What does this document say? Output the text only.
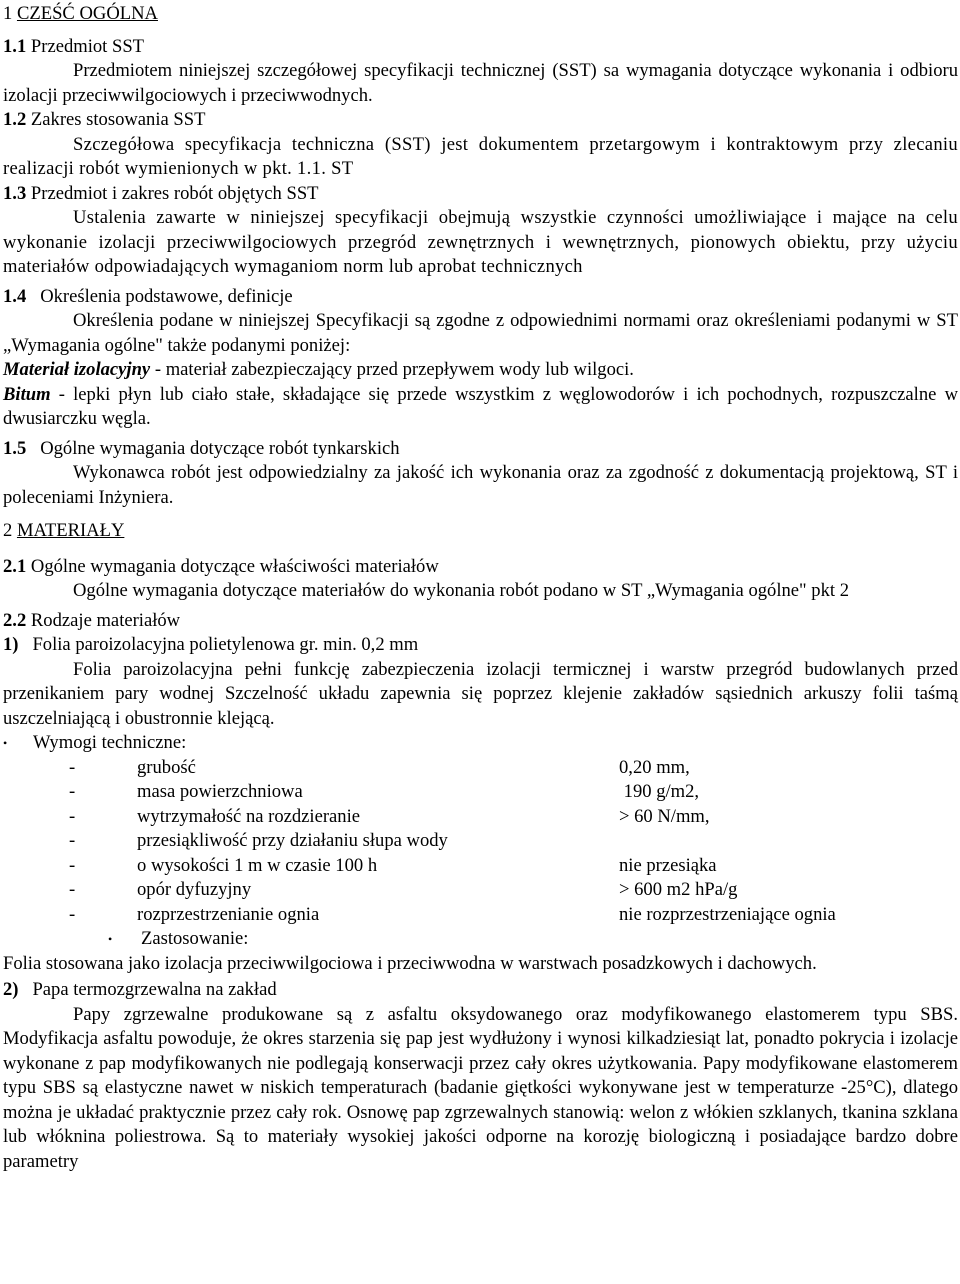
1 CZEŚĆ OGÓLNA
1.1 Przedmiot SST

Przedmiotem niniejszej szczegółowej specyfikacji technicznej (SST) sa wymagania dotyczące wykonania i odbioru izolacji przeciwwilgociowych i przeciwwodnych.

1.2 Zakres stosowania SST

Szczegółowa specyfikacja techniczna (SST) jest dokumentem przetargowym i kontraktowym przy zlecaniu realizacji robót wymienionych w pkt. 1.1. ST

1.3 Przedmiot i zakres robót objętych SST

Ustalenia zawarte w niniejszej specyfikacji obejmują wszystkie czynności umożliwiające i mające na celu wykonanie izolacji przeciwwilgociowych przegród zewnętrznych i wewnętrznych, pionowych obiektu, przy użyciu materiałów odpowiadających wymaganiom norm lub aprobat technicznych

1.4 Określenia podstawowe, definicje

Określenia podane w niniejszej Specyfikacji są zgodne z odpowiednimi normami oraz określeniami podanymi w ST „Wymagania ogólne" także podanymi poniżej:

Materiał izolacyjny - materiał zabezpieczający przed przepływem wody lub wilgoci.

Bitum - lepki płyn lub ciało stałe, składające się przede wszystkim z węglowodorów i ich pochodnych, rozpuszczalne w dwusiarczku węgla.

1.5 Ogólne wymagania dotyczące robót tynkarskich

Wykonawca robót jest odpowiedzialny za jakość ich wykonania oraz za zgodność z dokumentacją projektową, ST i poleceniami Inżyniera.

2 MATERIAŁY
2.1 Ogólne wymagania dotyczące właściwości materiałów

Ogólne wymagania dotyczące materiałów do wykonania robót podano w ST „Wymagania ogólne" pkt 2

2.2 Rodzaje materiałów
1) Folia paroizolacyjna polietylenowa gr. min. 0,2 mm

Folia paroizolacyjna pełni funkcję zabezpieczenia izolacji termicznej i warstw przegród budowlanych przed przenikaniem pary wodnej Szczelność układu zapewnia się poprzez klejenie zakładów sąsiednich arkuszy folii taśmą uszczelniającą i obustronnie klejącą.

•	Wymogi techniczne:
-	grubość	0,20 mm,
-	masa powierzchniowa	190 g/m2,
-	wytrzymałość na rozdzieranie	> 60 N/mm,
-	przesiąkliwość przy działaniu słupa wody
-	o wysokości 1 m w czasie 100 h	nie przesiąka
-	opór dyfuzyjny	> 600 m2 hPa/g
-	rozprzestrzenianie ognia	nie rozprzestrzeniające ognia
•	Zastosowanie:

Folia stosowana jako izolacja przeciwwilgociowa i przeciwwodna w warstwach posadzkowych i dachowych.

2) Papa termozgrzewalna na zakład

Papy zgrzewalne produkowane są z asfaltu oksydowanego oraz modyfikowanego elastomerem typu SBS. Modyfikacja asfaltu powoduje, że okres starzenia się pap jest wydłużony i wynosi kilkadziesiąt lat, ponadto pokrycia i izolacje wykonane z pap modyfikowanych nie podlegają konserwacji przez cały okres użytkowania. Papy modyfikowane elastomerem typu SBS są elastyczne nawet w niskich temperaturach (badanie giętkości wykonywane jest w temperaturze -25°C), dlatego można je układać praktycznie przez cały rok. Osnowę pap zgrzewalnych stanowią: welon z włókien szklanych, tkanina szklana lub włóknina poliestrowa. Są to materiały wysokiej jakości odporne na korozję biologiczną i posiadające bardzo dobre parametry
